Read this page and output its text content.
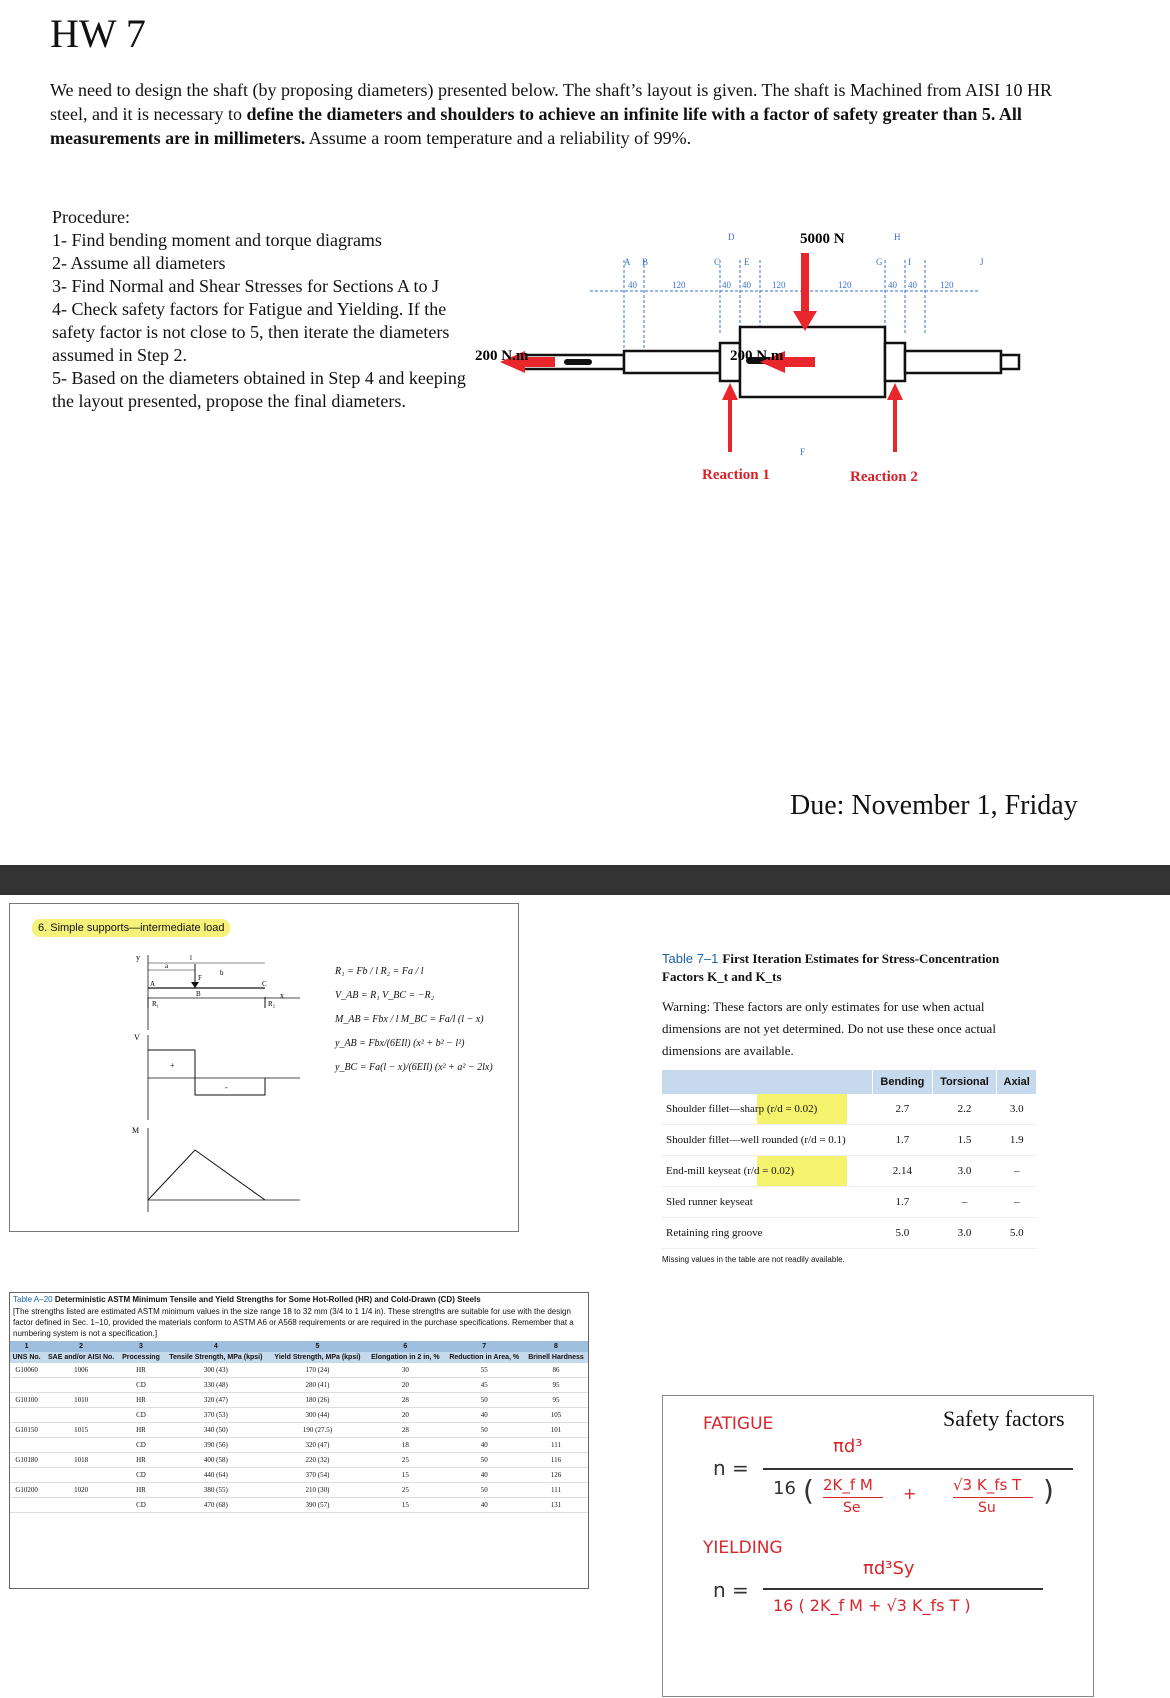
HW 7
We need to design the shaft (by proposing diameters) presented below. The shaft’s layout is given. The shaft is Machined from AISI 10 HR steel, and it is necessary to define the diameters and shoulders to achieve an infinite life with a factor of safety greater than 5. All measurements are in millimeters. Assume a room temperature and a reliability of 99%.
Procedure:
1- Find bending moment and torque diagrams
2- Assume all diameters
3- Find Normal and Shear Stresses for Sections A to J
4- Check safety factors for Fatigue and Yielding. If the safety factor is not close to 5, then iterate the diameters assumed in Step 2.
5- Based on the diameters obtained in Step 4 and keeping the layout presented, propose the final diameters.
A B	C
D
E
F
G
H
I	J
40	120	40 40 120	120	40 40	120
5000 N
200 N.m	200 N.m
Reaction 1	Reaction 2
Due: November 1, Friday
6. Simple supports—intermediate load
y
x
a
b
l
F
A
B
C
R₁	R₂
V
+
-
M
R₁ = Fb / l R₂ = Fa / l
V_AB = R₁ V_BC = −R₂
M_AB = Fbx / l M_BC = Fa/l (l − x)
y_AB = Fbx/(6EIl) (x² + b² − l²)
y_BC = Fa(l − x)/(6EIl) (x² + a² − 2lx)
Table 7–1 First Iteration Estimates for Stress-Concentration Factors K_t and K_ts
Warning: These factors are only estimates for use when actual dimensions are not yet determined. Do not use these once actual dimensions are available.
	Bending	Torsional	Axial
Shoulder fillet—sharp (r/d = 0.02)	2.7	2.2	3.0
Shoulder fillet—well rounded (r/d = 0.1)	1.7	1.5	1.9
End-mill keyseat (r/d = 0.02)	2.14	3.0	–
Sled runner keyseat	1.7	–	–
Retaining ring groove	5.0	3.0	5.0
Missing values in the table are not readily available.
Table A–20 Deterministic ASTM Minimum Tensile and Yield Strengths for Some Hot-Rolled (HR) and Cold-Drawn (CD) Steels
[The strengths listed are estimated ASTM minimum values in the size range 18 to 32 mm (3/4 to 1 1/4 in). These strengths are suitable for use with the design factor defined in Sec. 1–10, provided the materials conform to ASTM A6 or A568 requirements or are required in the purchase specifications. Remember that a numbering system is not a specification.]
1	2	3	4	5	6	7	8
UNS No.	SAE and/or AISI No.	Processing	Tensile Strength, MPa (kpsi)	Yield Strength, MPa (kpsi)	Elongation in 2 in, %	Reduction in Area, %	Brinell Hardness
G10060	1006	HR	300 (43)	170 (24)	30	55	86
		CD	330 (48)	280 (41)	20	45	95
G10100	1010	HR	320 (47)	180 (26)	28	50	95
		CD	370 (53)	300 (44)	20	40	105
G10150	1015	HR	340 (50)	190 (27.5)	28	50	101
		CD	390 (56)	320 (47)	18	40	111
G10180	1018	HR	400 (58)	220 (32)	25	50	116
		CD	440 (64)	370 (54)	15	40	126
G10200	1020	HR	380 (55)	210 (30)	25	50	111
		CD	470 (68)	390 (57)	15	40	131
Safety factors
FATIGUE
n =
πd³
16 ( 2K_f M
Se
+ √3 K_fs T
Su
)
YIELDING
n =
πd³Sy
16 ( 2K_f M + √3 K_fs T )
